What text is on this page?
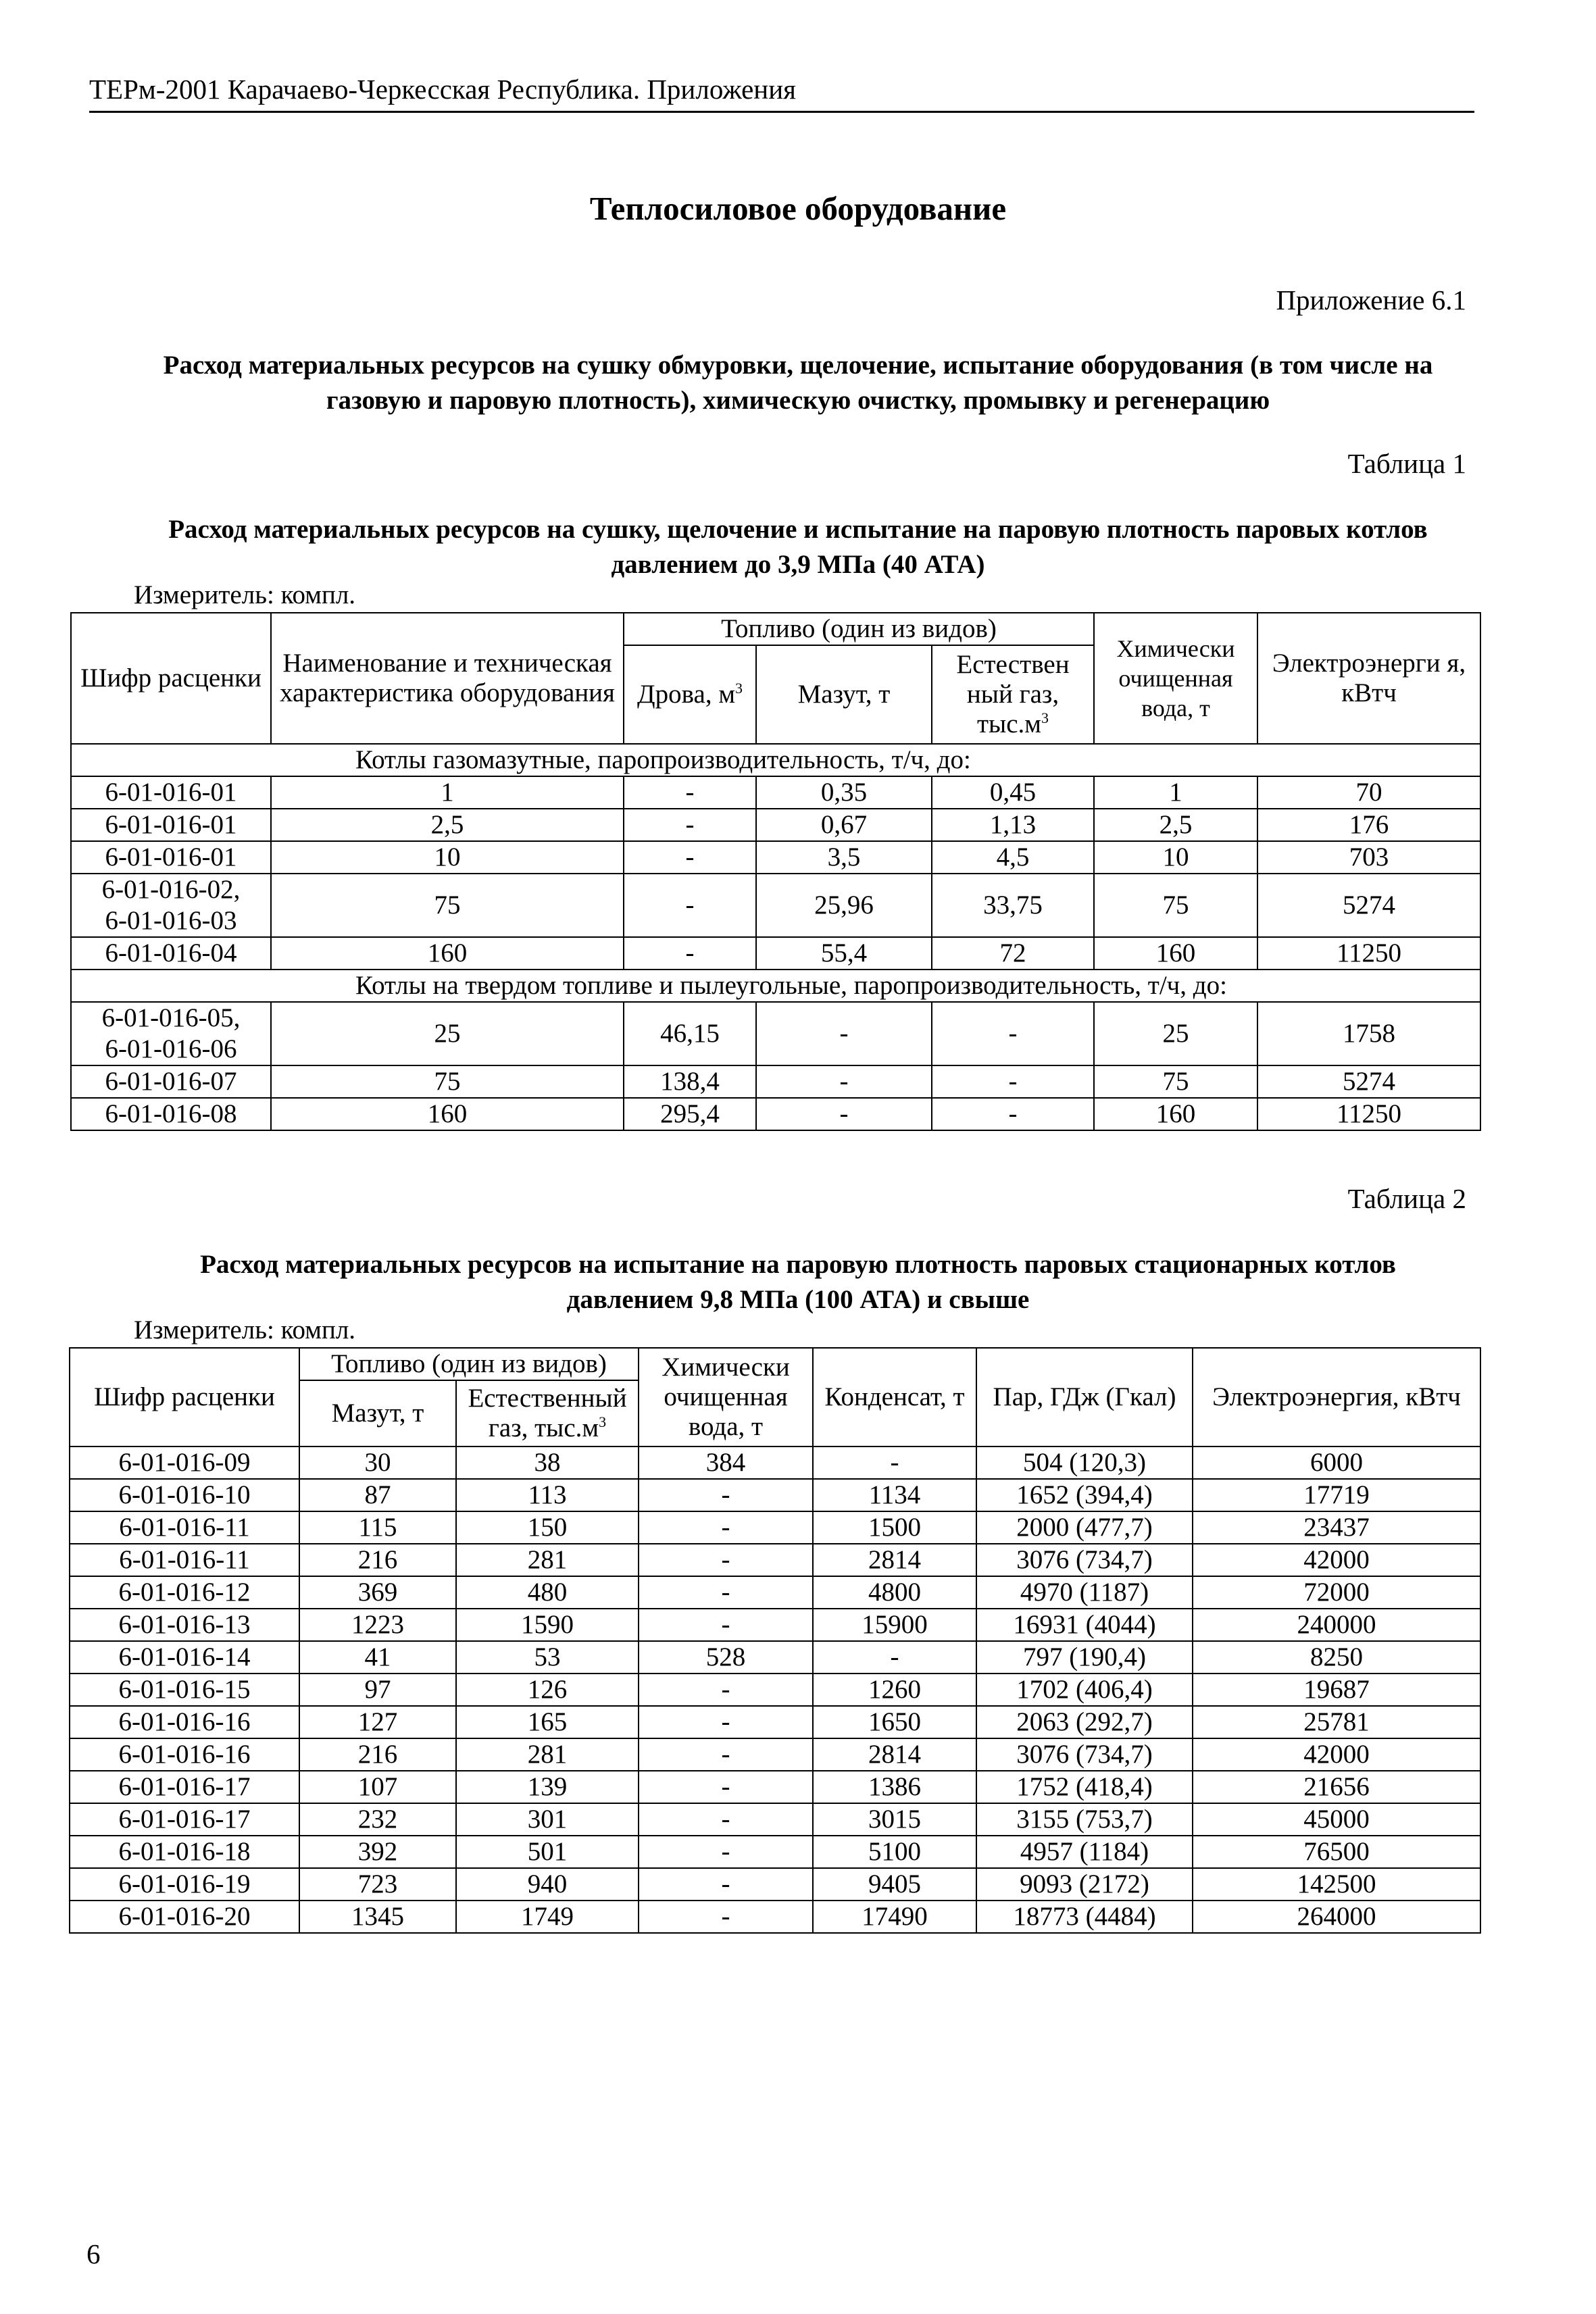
ТЕРм-2001 Карачаево-Черкесская Республика. Приложения
Теплосиловое оборудование
Приложение 6.1
Расход материальных ресурсов на сушку обмуровки, щелочение, испытание оборудования (в том числе на газовую и паровую плотность), химическую очистку, промывку и регенерацию
Таблица 1
Расход материальных ресурсов на сушку, щелочение и испытание на паровую плотность паровых котлов давлением до 3,9 МПа (40 АТА)
Измеритель: компл.
Шифр расценки	Наименование и техническая характеристика оборудования	Топливо (один из видов)			Химически очищенная вода, т	Электроэнерги я, кВтч
		Дрова, $м^3$	Мазут, т	Естествен ный газ, $тыс.м^3$
Котлы газомазутные, паропроизводительность, т/ч, до:						
6-01-016-01	1	-	0,35	0,45	1	70
6-01-016-01	2,5	-	0,67	1,13	2,5	176
6-01-016-01	10	-	3,5	4,5	10	703

6-01-016-02,
6-01-016-03	75	-	25,96	33,75	75	5274
6-01-016-04	160	-	55,4	72	160	11250
Котлы на твердом топливе и пылеугольные, паропроизводительность, т/ч, до:						

6-01-016-05,
6-01-016-06	25	46,15	-	-	25	1758
6-01-016-07	75	138,4	-	-	75	5274
6-01-016-08	160	295,4	-	-	160	11250
Таблица 2
Расход материальных ресурсов на испытание на паровую плотность паровых стационарных котлов давлением 9,8 МПа (100 АТА) и свыше
Измеритель: компл.
Шифр расценки	Топливо (один из видов)		Химически очищенная вода, т	Конденсат, т	Пар, ГДж (Гкал)	Электроэнергия, кВтч
	Мазут, т	Естественный газ, $тыс.м^3$
6-01-016-09	30	38	384	-	504 (120,3)	6000
6-01-016-10	87	113	-	1134	1652 (394,4)	17719
6-01-016-11	115	150	-	1500	2000 (477,7)	23437
6-01-016-11	216	281	-	2814	3076 (734,7)	42000
6-01-016-12	369	480	-	4800	4970 (1187)	72000
6-01-016-13	1223	1590	-	15900	16931 (4044)	240000
6-01-016-14	41	53	528	-	797 (190,4)	8250
6-01-016-15	97	126	-	1260	1702 (406,4)	19687
6-01-016-16	127	165	-	1650	2063 (292,7)	25781
6-01-016-16	216	281	-	2814	3076 (734,7)	42000
6-01-016-17	107	139	-	1386	1752 (418,4)	21656
6-01-016-17	232	301	-	3015	3155 (753,7)	45000
6-01-016-18	392	501	-	5100	4957 (1184)	76500
6-01-016-19	723	940	-	9405	9093 (2172)	142500
6-01-016-20	1345	1749	-	17490	18773 (4484)	264000
6
